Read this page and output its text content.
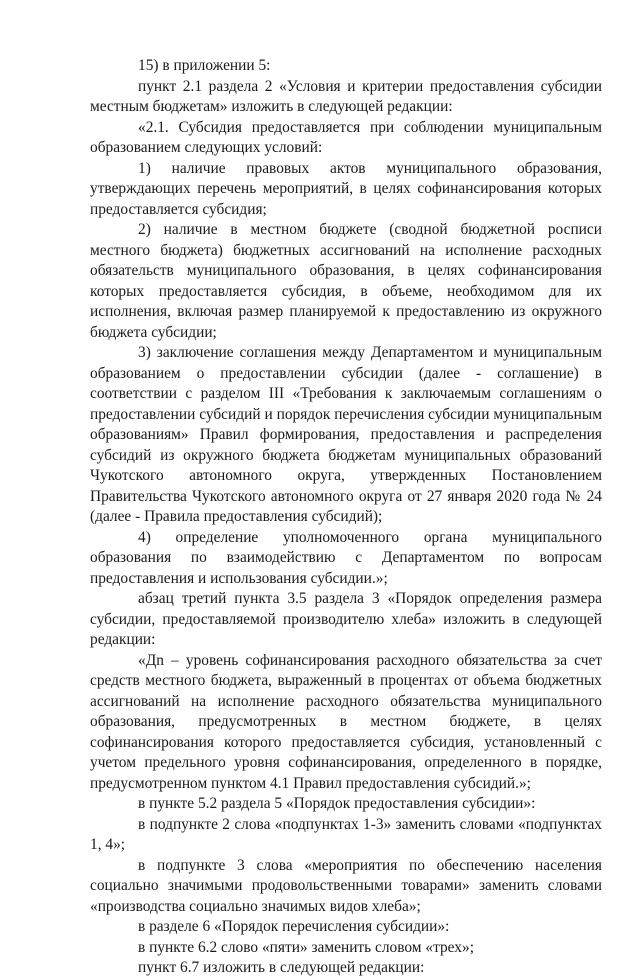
15) в приложении 5:

пункт 2.1 раздела 2 «Условия и критерии предоставления субсидии местным бюджетам» изложить в следующей редакции:

«2.1. Субсидия предоставляется при соблюдении муниципальным образованием следующих условий:

1) наличие правовых актов муниципального образования, утверждающих перечень мероприятий, в целях софинансирования которых предоставляется субсидия;

2) наличие в местном бюджете (сводной бюджетной росписи местного бюджета) бюджетных ассигнований на исполнение расходных обязательств муниципального образования, в целях софинансирования которых предоставляется субсидия, в объеме, необходимом для их исполнения, включая размер планируемой к предоставлению из окружного бюджета субсидии;

3) заключение соглашения между Департаментом и муниципальным образованием о предоставлении субсидии (далее - соглашение) в соответствии с разделом III «Требования к заключаемым соглашениям о предоставлении субсидий и порядок перечисления субсидии муниципальным образованиям» Правил формирования, предоставления и распределения субсидий из окружного бюджета бюджетам муниципальных образований Чукотского автономного округа, утвержденных Постановлением Правительства Чукотского автономного округа от 27 января 2020 года № 24 (далее - Правила предоставления субсидий);

4) определение уполномоченного органа муниципального образования по взаимодействию с Департаментом по вопросам предоставления и использования субсидии.»;

абзац третий пункта 3.5 раздела 3 «Порядок определения размера субсидии, предоставляемой производителю хлеба» изложить в следующей редакции:

«Дn – уровень софинансирования расходного обязательства за счет средств местного бюджета, выраженный в процентах от объема бюджетных ассигнований на исполнение расходного обязательства муниципального образования, предусмотренных в местном бюджете, в целях софинансирования которого предоставляется субсидия, установленный с учетом предельного уровня софинансирования, определенного в порядке, предусмотренном пунктом 4.1 Правил предоставления субсидий.»;

в пункте 5.2 раздела 5 «Порядок предоставления субсидии»:

в подпункте 2 слова «подпунктах 1-3» заменить словами «подпунктах 1, 4»;

в подпункте 3 слова «мероприятия по обеспечению населения социально значимыми продовольственными товарами» заменить словами «производства социально значимых видов хлеба»;

в разделе 6 «Порядок перечисления субсидии»:

в пункте 6.2 слово «пяти» заменить словом «трех»;

пункт 6.7 изложить в следующей редакции:
